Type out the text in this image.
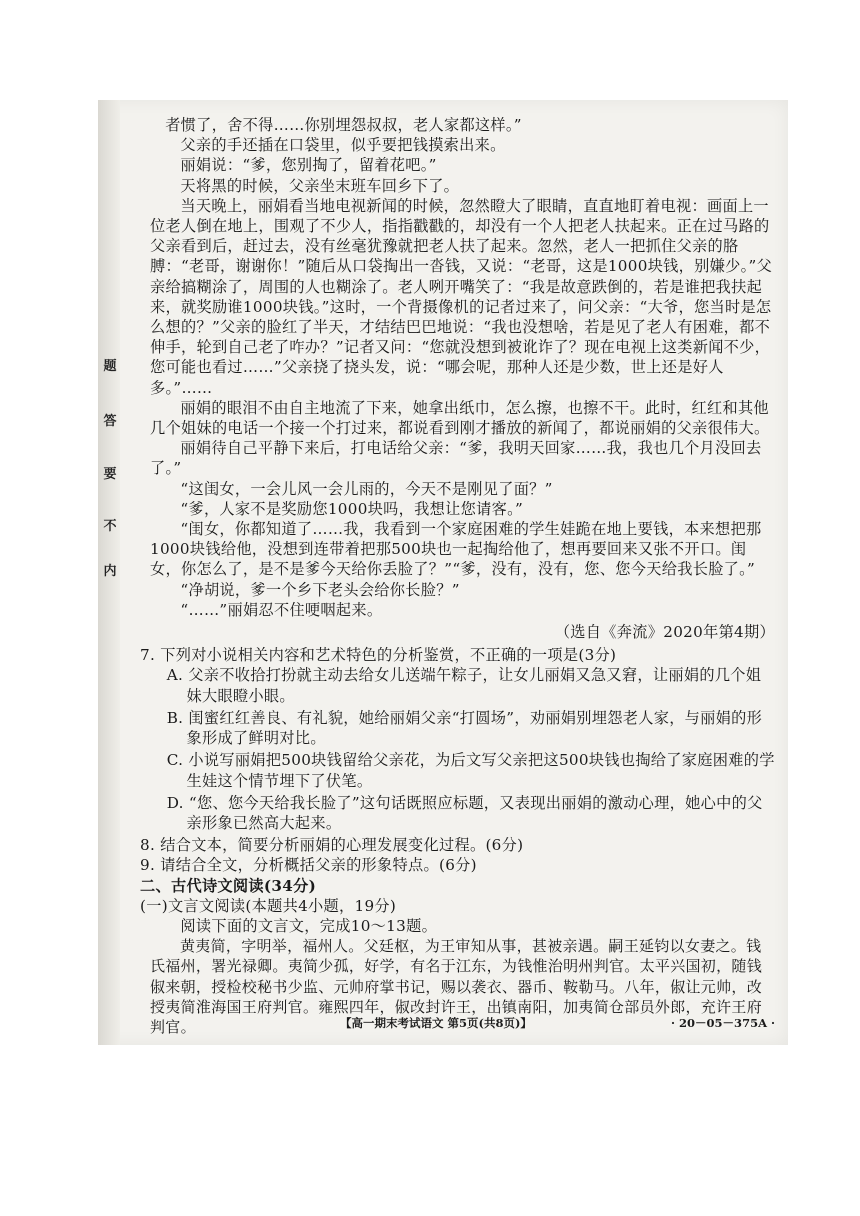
题
答
要
不
内

者惯了，舍不得……你别埋怨叔叔，老人家都这样。”

父亲的手还插在口袋里，似乎要把钱摸索出来。

丽娟说：“爹，您别掏了，留着花吧。”

天将黑的时候，父亲坐末班车回乡下了。

当天晚上，丽娟看当地电视新闻的时候，忽然瞪大了眼睛，直直地盯着电视：画面上一位老人倒在地上，围观了不少人，指指戳戳的，却没有一个人把老人扶起来。正在过马路的父亲看到后，赶过去，没有丝毫犹豫就把老人扶了起来。忽然，老人一把抓住父亲的胳膊：“老哥，谢谢你！”随后从口袋掏出一沓钱，又说：“老哥，这是1000块钱，别嫌少。”父亲给搞糊涂了，周围的人也糊涂了。老人咧开嘴笑了：“我是故意跌倒的，若是谁把我扶起来，就奖励谁1000块钱。”这时，一个背摄像机的记者过来了，问父亲：“大爷，您当时是怎么想的？”父亲的脸红了半天，才结结巴巴地说：“我也没想啥，若是见了老人有困难，都不伸手，轮到自己老了咋办？”记者又问：“您就没想到被讹诈了？现在电视上这类新闻不少，您可能也看过……”父亲挠了挠头发，说：“哪会呢，那种人还是少数，世上还是好人多。”……

丽娟的眼泪不由自主地流了下来，她拿出纸巾，怎么擦，也擦不干。此时，红红和其他几个姐妹的电话一个接一个打过来，都说看到刚才播放的新闻了，都说丽娟的父亲很伟大。

丽娟待自己平静下来后，打电话给父亲：“爹，我明天回家……我，我也几个月没回去了。”

“这闺女，一会儿风一会儿雨的，今天不是刚见了面？”

“爹，人家不是奖励您1000块吗，我想让您请客。”

“闺女，你都知道了……我，我看到一个家庭困难的学生娃跪在地上要钱，本来想把那1000块钱给他，没想到连带着把那500块也一起掏给他了，想再要回来又张不开口。闺女，你怎么了，是不是爹今天给你丢脸了？”“爹，没有，没有，您、您今天给我长脸了。”

“净胡说，爹一个乡下老头会给你长脸？”

“……”丽娟忍不住哽咽起来。

（选自《奔流》2020年第4期）

7. 下列对小说相关内容和艺术特色的分析鉴赏，不正确的一项是(3分)

A. 父亲不收拾打扮就主动去给女儿送端午粽子，让女儿丽娟又急又窘，让丽娟的几个姐妹大眼瞪小眼。

B. 闺蜜红红善良、有礼貌，她给丽娟父亲“打圆场”，劝丽娟别埋怨老人家，与丽娟的形象形成了鲜明对比。

C. 小说写丽娟把500块钱留给父亲花，为后文写父亲把这500块钱也掏给了家庭困难的学生娃这个情节埋下了伏笔。

D. “您、您今天给我长脸了”这句话既照应标题，又表现出丽娟的激动心理，她心中的父亲形象已然高大起来。

8. 结合文本，简要分析丽娟的心理发展变化过程。(6分)

9. 请结合全文，分析概括父亲的形象特点。(6分)

二、古代诗文阅读(34分)

(一)文言文阅读(本题共4小题，19分)

阅读下面的文言文，完成10～13题。

黄夷简，字明举，福州人。父廷枢，为王审知从事，甚被亲遇。嗣王延钧以女妻之。钱氏福州，署光禄卿。夷简少孤，好学，有名于江东，为钱惟治明州判官。太平兴国初，随钱俶来朝，授检校秘书少监、元帅府掌书记，赐以袭衣、器币、鞍勒马。八年，俶让元帅，改授夷简淮海国王府判官。雍熙四年，俶改封许王，出镇南阳，加夷简仓部员外郎，充许王府判官。	【高一期末考试语文 第5页(共8页)】	· 20－05－375A ·
